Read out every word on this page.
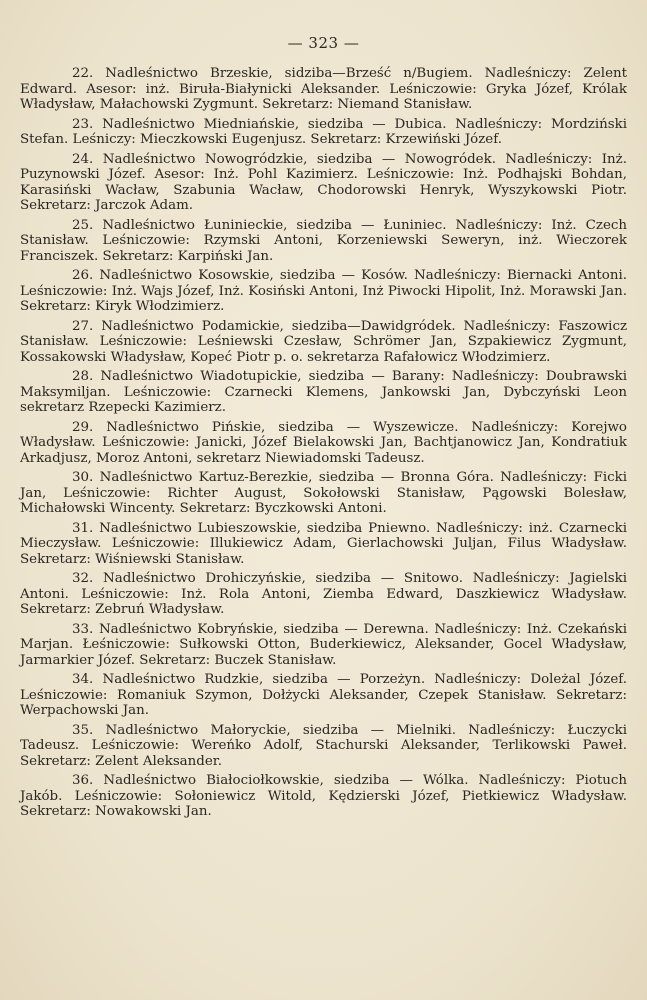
— 323 —

22. Nadleśnictwo Brzeskie, sidziba—Brześć n/Bugiem. Nadleśniczy: Zelent Edward. Asesor: inż. Biruła-Białynicki Aleksander. Leśniczowie: Gryka Józef, Królak Władysław, Małachowski Zygmunt. Sekretarz: Niemand Stanisław.

23. Nadleśnictwo Miedniańskie, siedziba — Dubica. Nadleśniczy: Mordziński Stefan. Leśniczy: Mieczkowski Eugenjusz. Sekretarz: Krzewiński Józef.

24. Nadleśnictwo Nowogródzkie, siedziba — Nowogródek. Nadleśniczy: Inż. Puzynowski Józef. Asesor: Inż. Pohl Kazimierz. Leśniczowie: Inż. Podhajski Bohdan, Karasiński Wacław, Szabunia Wacław, Chodorowski Henryk, Wyszykowski Piotr. Sekretarz: Jarczok Adam.

25. Nadleśnictwo Łuninieckie, siedziba — Łuniniec. Nadleśniczy: Inż. Czech Stanisław. Leśniczowie: Rzymski Antoni, Korzeniewski Seweryn, inż. Wieczorek Franciszek. Sekretarz: Karpiński Jan.

26. Nadleśnictwo Kosowskie, siedziba — Kosów. Nadleśniczy: Biernacki Antoni. Leśniczowie: Inż. Wajs Józef, Inż. Kosiński Antoni, Inż Piwocki Hipolit, Inż. Morawski Jan. Sekretarz: Kiryk Włodzimierz.

27. Nadleśnictwo Podamickie, siedziba—Dawidgródek. Nadleśniczy: Faszowicz Stanisław. Leśniczowie: Leśniewski Czesław, Schrömer Jan, Szpakiewicz Zygmunt, Kossakowski Władysław, Kopeć Piotr p. o. sekretarza Rafałowicz Włodzimierz.

28. Nadleśnictwo Wiadotupickie, siedziba — Barany: Nadleśniczy: Doubrawski Maksymiljan. Leśniczowie: Czarnecki Klemens, Jankowski Jan, Dybczyński Leon sekretarz Rzepecki Kazimierz.

29. Nadleśnictwo Pińskie, siedziba — Wyszewicze. Nadleśniczy: Korejwo Władysław. Leśniczowie: Janicki, Józef Bielakowski Jan, Bachtjanowicz Jan, Kondratiuk Arkadjusz, Moroz Antoni, sekretarz Niewiadomski Tadeusz.

30. Nadleśnictwo Kartuz-Berezkie, siedziba — Bronna Góra. Nadleśniczy: Ficki Jan, Leśniczowie: Richter August, Sokołowski Stanisław, Pągowski Bolesław, Michałowski Wincenty. Sekretarz: Byczkowski Antoni.

31. Nadleśnictwo Lubieszowskie, siedziba Pniewno. Nadleśniczy: inż. Czarnecki Mieczysław. Leśniczowie: Illukiewicz Adam, Gierlachowski Juljan, Filus Władysław. Sekretarz: Wiśniewski Stanisław.

32. Nadleśnictwo Drohiczyńskie, siedziba — Snitowo. Nadleśniczy: Jagielski Antoni. Leśniczowie: Inż. Rola Antoni, Ziemba Edward, Daszkiewicz Władysław. Sekretarz: Zebruń Władysław.

33. Nadleśnictwo Kobryńskie, siedziba — Derewna. Nadleśniczy: Inż. Czekański Marjan. Łeśniczowie: Sułkowski Otton, Buderkiewicz, Aleksander, Gocel Władysław, Jarmarkier Józef. Sekretarz: Buczek Stanisław.

34. Nadleśnictwo Rudzkie, siedziba — Porzeżyn. Nadleśniczy: Doleżal Józef. Leśniczowie: Romaniuk Szymon, Dołżycki Aleksander, Czepek Stanisław. Sekretarz: Werpachowski Jan.

35. Nadleśnictwo Małoryckie, siedziba — Mielniki. Nadleśniczy: Łuczycki Tadeusz. Leśniczowie: Wereńko Adolf, Stachurski Aleksander, Terlikowski Paweł. Sekretarz: Zelent Aleksander.

36. Nadleśnictwo Białociołkowskie, siedziba — Wólka. Nadleśniczy: Piotuch Jakób. Leśniczowie: Sołoniewicz Witold, Kędzierski Józef, Pietkiewicz Władysław. Sekretarz: Nowakowski Jan.
